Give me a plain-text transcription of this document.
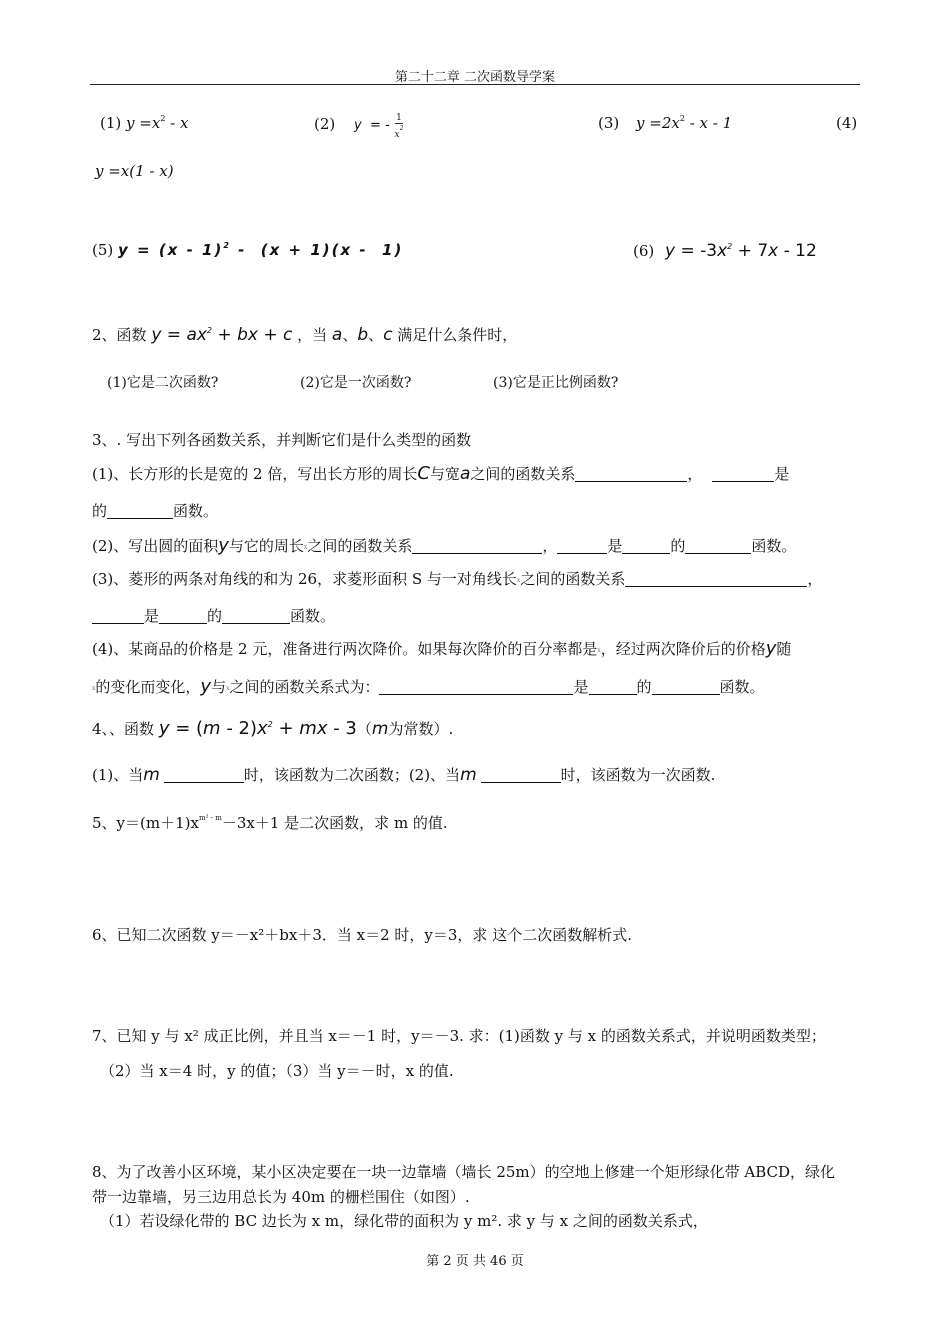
第二十二章 二次函数导学案
(1) $y =x^2 - x$	(2) y  = - $\frac{1}{x^2}$	(3) $y =2x^2 - x - 1$	(4)
y =x(1 - x)
(5) y = (x - 1)$^2$ -  (x + 1)(x -  1)	(6) $y = -3x^2 + 7x - 12$
2、函数 $y = ax^2$ + bx + c ，当 a、b、c 满足什么条件时，
(1)它是二次函数?	(2)它是一次函数?	(3)它是正比例函数?
3、. 写出下列各函数关系，并判断它们是什么类型的函数
(1)、长方形的长是宽的 2 倍，写出长方形的周长C与宽a之间的函数关系	，	是
的	函数。
(2)、写出圆的面积y与它的周长x之间的函数关系	，	是	的	函数。
(3)、菱形的两条对角线的和为 26，求菱形面积 S 与一对角线长x之间的函数关系	，
是	的	函数。
(4)、某商品的价格是 2 元，准备进行两次降价。如果每次降价的百分率都是x，经过两次降价后的价格y随
x的变化而变化，y与x之间的函数关系式为：	是	的	函数。
4、、函数 $y = (m - 2)x^2$ + mx - 3（m为常数）.
(1)、当m	时，该函数为二次函数；(2)、当m	时，该函数为一次函数.
5、$y=(m+1)x^{m^2 - m}-3x+1$ 是二次函数，求 m 的值.
6、已知二次函数 y＝－x²＋bx＋3．当 x＝2 时，y＝3，求 这个二次函数解析式.
7、已知 y 与 x² 成正比例，并且当 x＝－1 时，y＝－3. 求：(1)函数 y 与 x 的函数关系式，并说明函数类型；
（2）当 x＝4 时，y 的值；（3）当 y＝－时，x 的值.
8、为了改善小区环境，某小区决定要在一块一边靠墙（墙长 25m）的空地上修建一个矩形绿化带 ABCD，绿化
带一边靠墙，另三边用总长为 40m 的栅栏围住（如图）.
（1）若设绿化带的 BC 边长为 x m，绿化带的面积为 y m². 求 y 与 x 之间的函数关系式，
第 2 页 共 46 页
